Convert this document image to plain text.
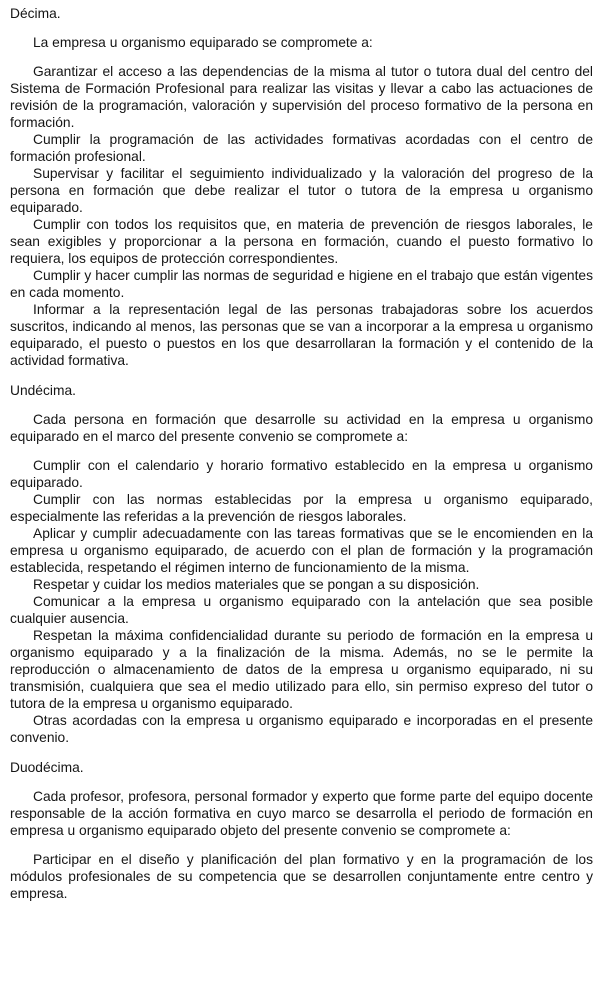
Décima.

La empresa u organismo equiparado se compromete a:

Garantizar el acceso a las dependencias de la misma al tutor o tutora dual del centro del Sistema de Formación Profesional para realizar las visitas y llevar a cabo las actuaciones de revisión de la programación, valoración y supervisión del proceso formativo de la persona en formación.

Cumplir la programación de las actividades formativas acordadas con el centro de formación profesional.

Supervisar y facilitar el seguimiento individualizado y la valoración del progreso de la persona en formación que debe realizar el tutor o tutora de la empresa u organismo equiparado.

Cumplir con todos los requisitos que, en materia de prevención de riesgos laborales, le sean exigibles y proporcionar a la persona en formación, cuando el puesto formativo lo requiera, los equipos de protección correspondientes.

Cumplir y hacer cumplir las normas de seguridad e higiene en el trabajo que están vigentes en cada momento.

Informar a la representación legal de las personas trabajadoras sobre los acuerdos suscritos, indicando al menos, las personas que se van a incorporar a la empresa u organismo equiparado, el puesto o puestos en los que desarrollaran la formación y el contenido de la actividad formativa.

Undécima.

Cada persona en formación que desarrolle su actividad en la empresa u organismo equiparado en el marco del presente convenio se compromete a:

Cumplir con el calendario y horario formativo establecido en la empresa u organismo equiparado.

Cumplir con las normas establecidas por la empresa u organismo equiparado, especialmente las referidas a la prevención de riesgos laborales.

Aplicar y cumplir adecuadamente con las tareas formativas que se le encomienden en la empresa u organismo equiparado, de acuerdo con el plan de formación y la programación establecida, respetando el régimen interno de funcionamiento de la misma.

Respetar y cuidar los medios materiales que se pongan a su disposición.

Comunicar a la empresa u organismo equiparado con la antelación que sea posible cualquier ausencia.

Respetan la máxima confidencialidad durante su periodo de formación en la empresa u organismo equiparado y a la finalización de la misma. Además, no se le permite la reproducción o almacenamiento de datos de la empresa u organismo equiparado, ni su transmisión, cualquiera que sea el medio utilizado para ello, sin permiso expreso del tutor o tutora de la empresa u organismo equiparado.

Otras acordadas con la empresa u organismo equiparado e incorporadas en el presente convenio.

Duodécima.

Cada profesor, profesora, personal formador y experto que forme parte del equipo docente responsable de la acción formativa en cuyo marco se desarrolla el periodo de formación en empresa u organismo equiparado objeto del presente convenio se compromete a:

Participar en el diseño y planificación del plan formativo y en la programación de los módulos profesionales de su competencia que se desarrollen conjuntamente entre centro y empresa.
